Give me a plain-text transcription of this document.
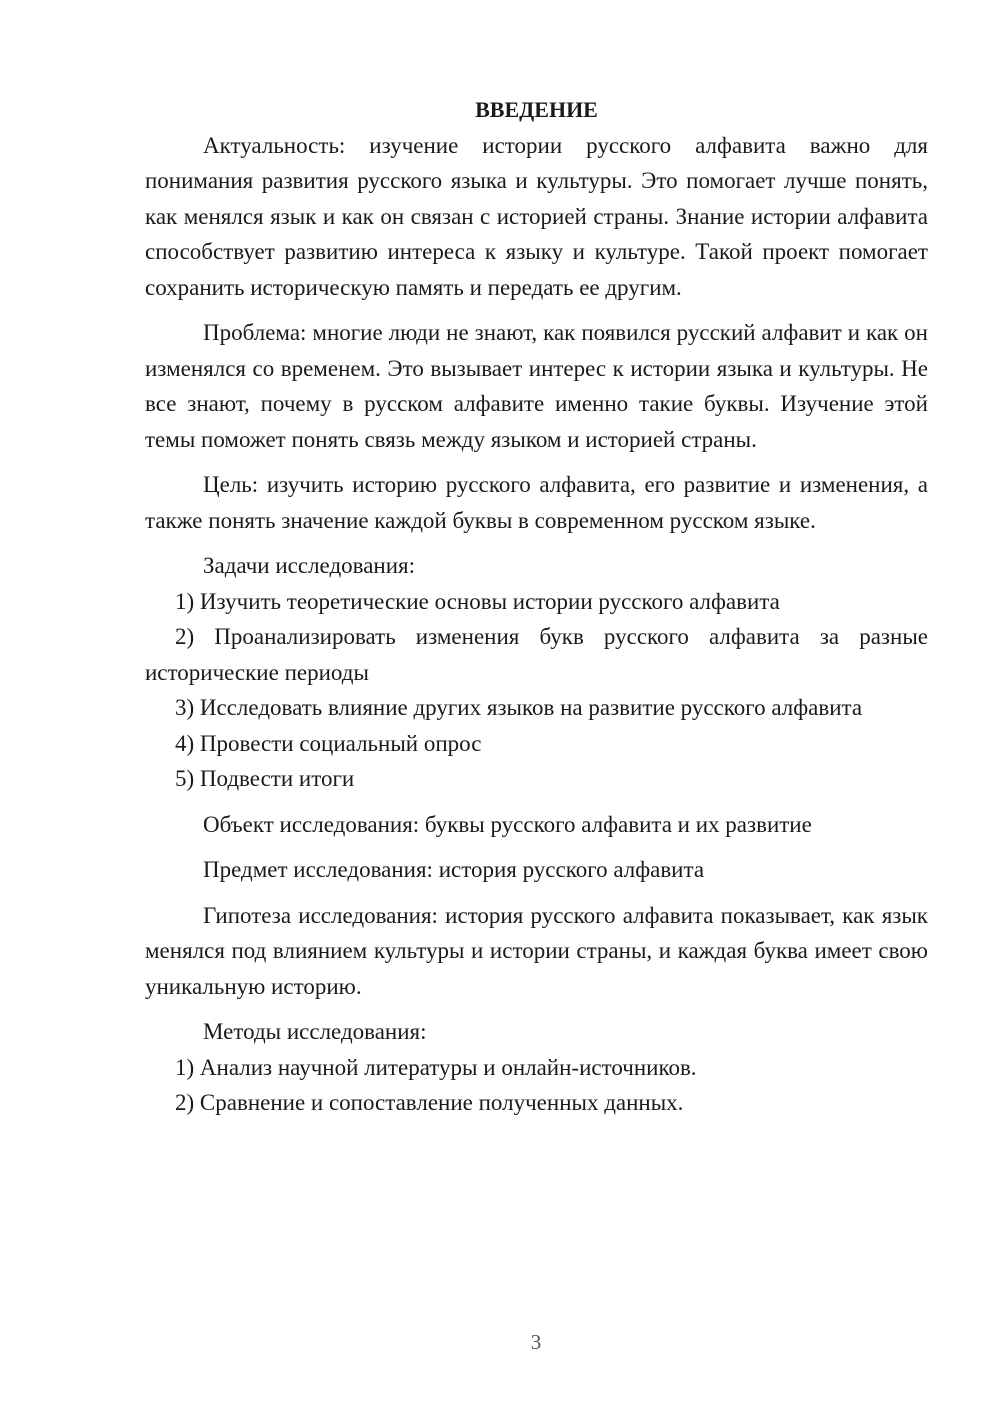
ВВЕДЕНИЕ

Актуальность: изучение истории русского алфавита важно для понимания развития русского языка и культуры. Это помогает лучше понять, как менялся язык и как он связан с историей страны. Знание истории алфавита способствует развитию интереса к языку и культуре. Такой проект помогает сохранить историческую память и передать ее другим.

Проблема: многие люди не знают, как появился русский алфавит и как он изменялся со временем. Это вызывает интерес к истории языка и культуры. Не все знают, почему в русском алфавите именно такие буквы. Изучение этой темы поможет понять связь между языком и историей страны.

Цель: изучить историю русского алфавита, его развитие и изменения, а также понять значение каждой буквы в современном русском языке.

Задачи исследования:

1) Изучить теоретические основы истории русского алфавита

2) Проанализировать изменения букв русского алфавита за разные исторические периоды

3) Исследовать влияние других языков на развитие русского алфавита

4) Провести социальный опрос

5) Подвести итоги

Объект исследования: буквы русского алфавита и их развитие

Предмет исследования: история русского алфавита

Гипотеза исследования: история русского алфавита показывает, как язык менялся под влиянием культуры и истории страны, и каждая буква имеет свою уникальную историю.

Методы исследования:

1) Анализ научной литературы и онлайн-источников.

2) Сравнение и сопоставление полученных данных.

3
